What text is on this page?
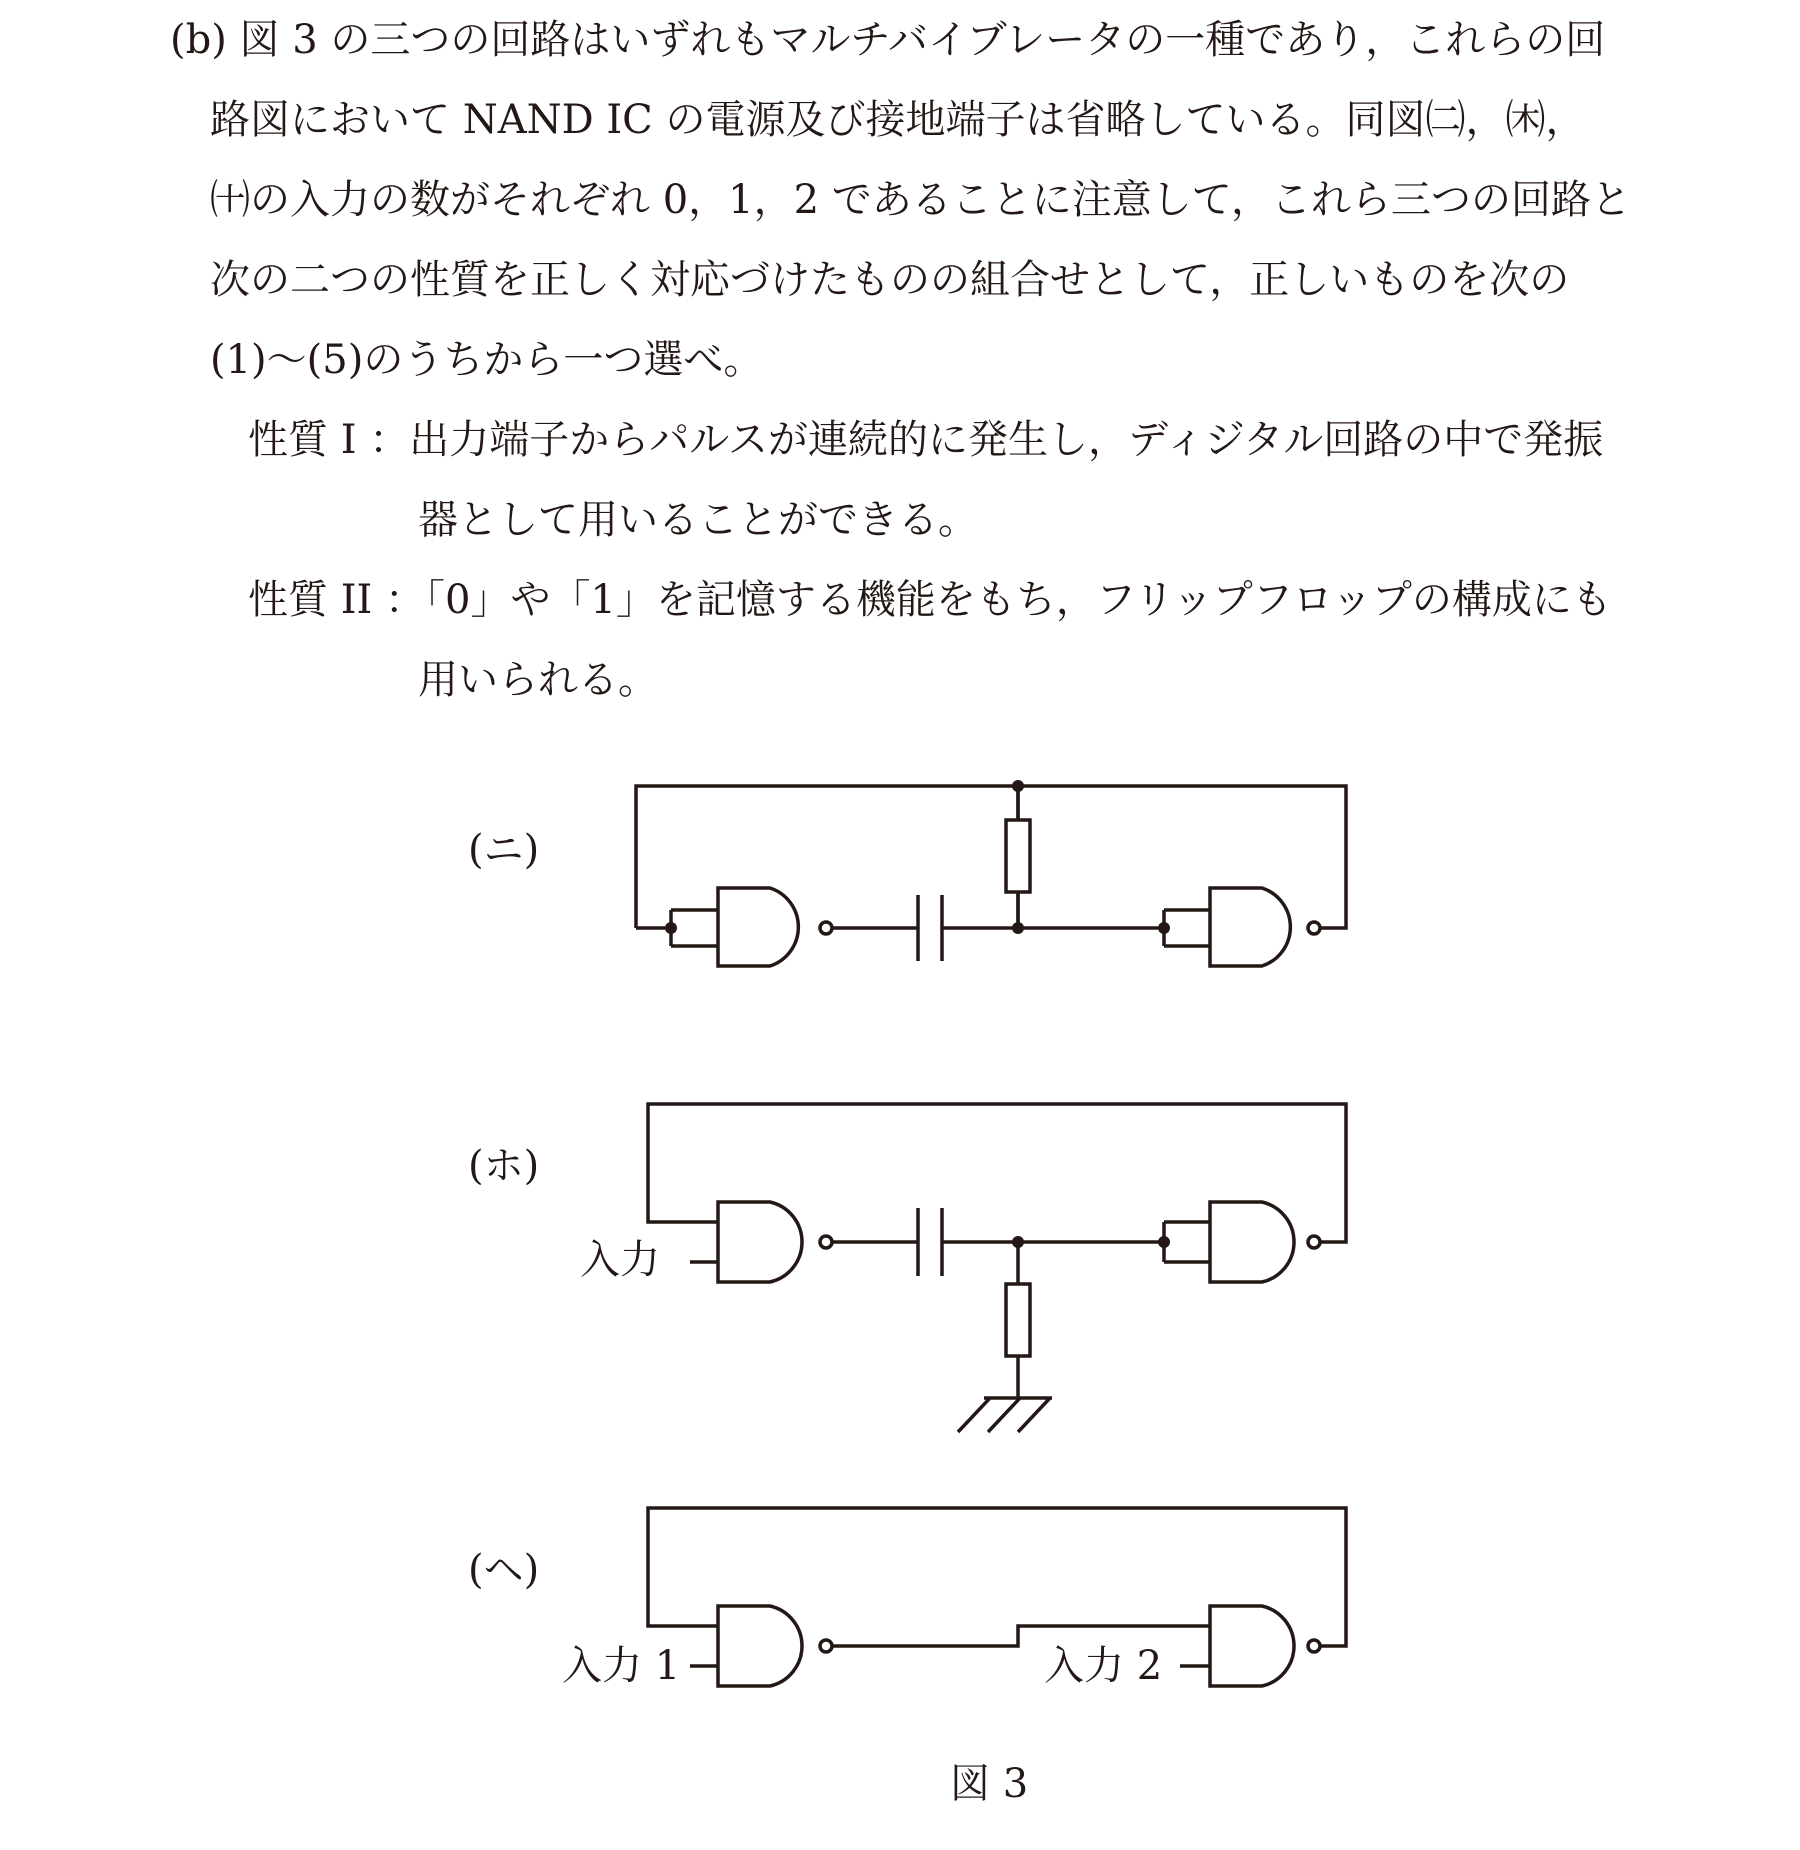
(b) 図 3 の三つの回路はいずれもマルチバイブレータの一種であり，これらの回
路図において NAND IC の電源及び接地端子は省略している。同図㈡，㈭，
㈩の入力の数がそれぞれ 0，1，2 であることに注意して，これら三つの回路と
次の二つの性質を正しく対応づけたものの組合せとして，正しいものを次の
(1)～(5)のうちから一つ選べ。
性質 I ：出力端子からパルスが連続的に発生し，ディジタル回路の中で発振
器として用いることができる。
性質 II ：「0」や「1」を記憶する機能をもち，フリップフロップの構成にも
用いられる。
(ニ)
(ホ)
(ヘ)
入力
入力 1	入力 2
図 3
